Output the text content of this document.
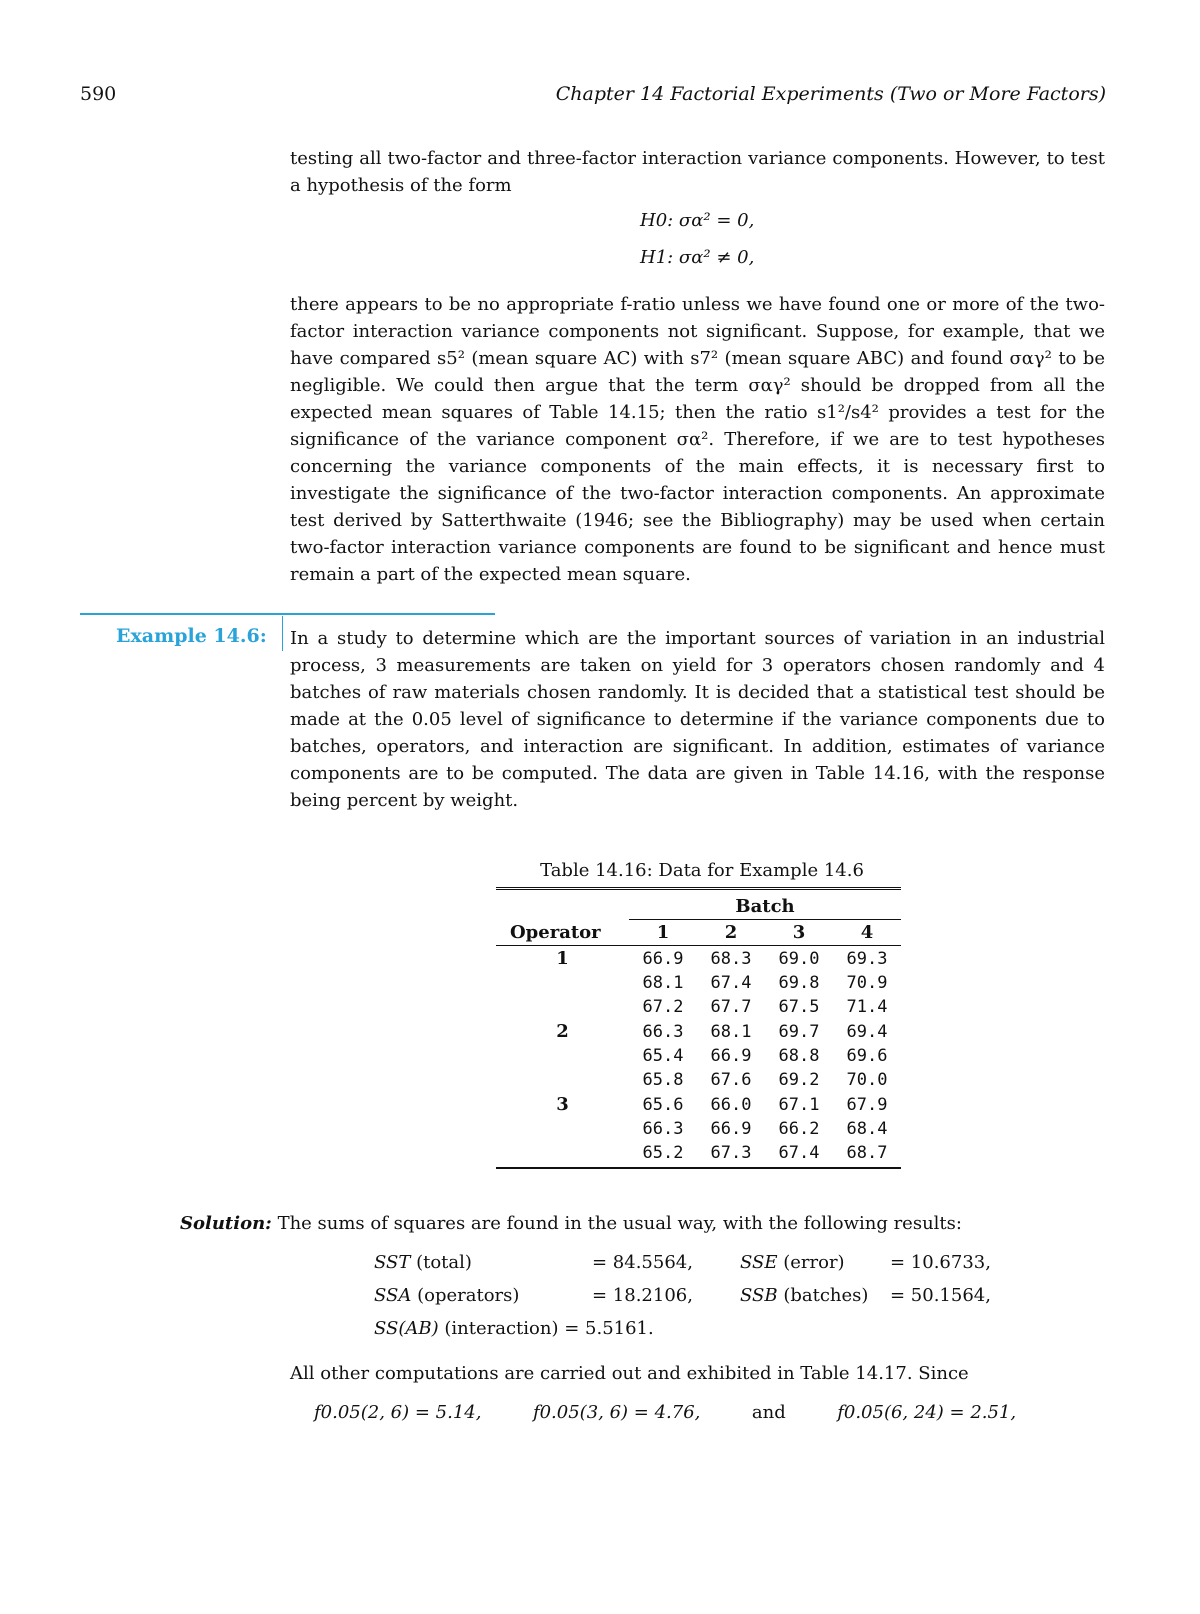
590	Chapter 14 Factorial Experiments (Two or More Factors)
testing all two-factor and three-factor interaction variance components. However, to test a hypothesis of the form
H0: σα² = 0,
H1: σα² ≠ 0,
there appears to be no appropriate f-ratio unless we have found one or more of the two-factor interaction variance components not significant. Suppose, for example, that we have compared s5² (mean square AC) with s7² (mean square ABC) and found σαγ² to be negligible. We could then argue that the term σαγ² should be dropped from all the expected mean squares of Table 14.15; then the ratio s1²/s4² provides a test for the significance of the variance component σα². Therefore, if we are to test hypotheses concerning the variance components of the main effects, it is necessary first to investigate the significance of the two-factor interaction components. An approximate test derived by Satterthwaite (1946; see the Bibliography) may be used when certain two-factor interaction variance components are found to be significant and hence must remain a part of the expected mean square.
Example 14.6: In a study to determine which are the important sources of variation in an industrial process, 3 measurements are taken on yield for 3 operators chosen randomly and 4 batches of raw materials chosen randomly. It is decided that a statistical test should be made at the 0.05 level of significance to determine if the variance components due to batches, operators, and interaction are significant. In addition, estimates of variance components are to be computed. The data are given in Table 14.16, with the response being percent by weight.
Table 14.16: Data for Example 14.6

	Batch			
Operator	1	2	3	4
1	66.9	68.3	69.0	69.3
	68.1	67.4	69.8	70.9
	67.2	67.7	67.5	71.4
2	66.3	68.1	69.7	69.4
	65.4	66.9	68.8	69.6
	65.8	67.6	69.2	70.0
3	65.6	66.0	67.1	67.9
	66.3	66.9	66.2	68.4
	65.2	67.3	67.4	68.7
Solution: The sums of squares are found in the usual way, with the following results:
SST (total)	= 84.5564,	SSE (error)	= 10.6733,
SSA (operators)	= 18.2106,	SSB (batches) = 50.1564,
SS(AB) (interaction) = 5.5161.
All other computations are carried out and exhibited in Table 14.17. Since
f0.05(2, 6) = 5.14,	f0.05(3, 6) = 4.76,	and	f0.05(6, 24) = 2.51,
